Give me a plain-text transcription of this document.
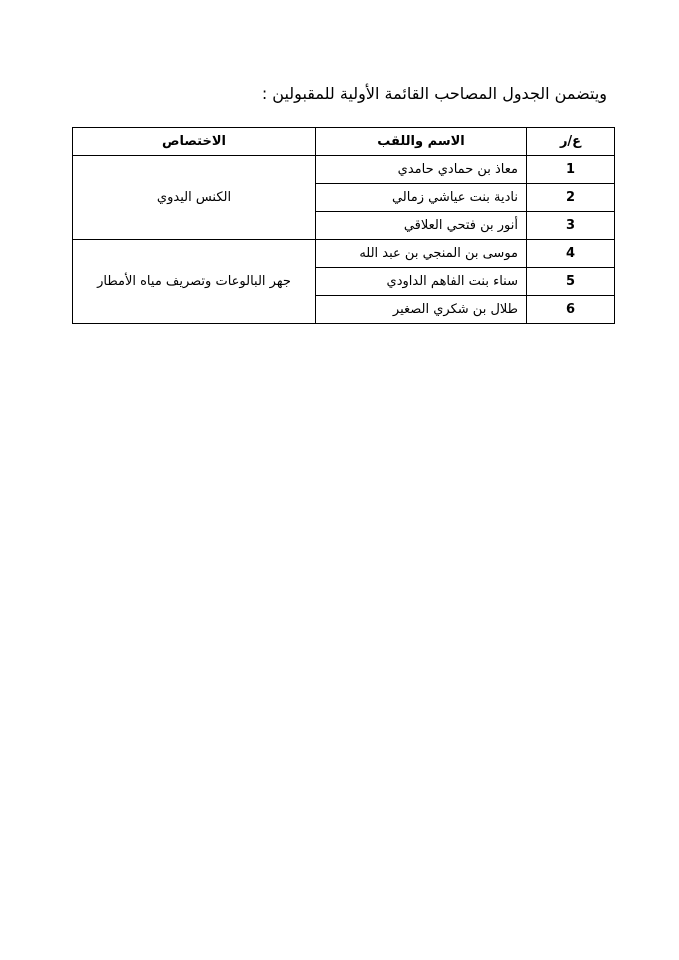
ويتضمن الجدول المصاحب القائمة الأولية للمقبولين :

ع/ر	الاسم واللقب	الاختصاص
1	معاذ بن حمادي حامدي	الكنس اليدوي
2	نادية بنت عياشي زمالي	
3	أنور بن فتحي العلاقي	
4	موسى بن المنجي بن عبد الله	جهر البالوعات وتصريف مياه الأمطار
5	سناء بنت الفاهم الداودي	
6	طلال بن شكري الصغير	
